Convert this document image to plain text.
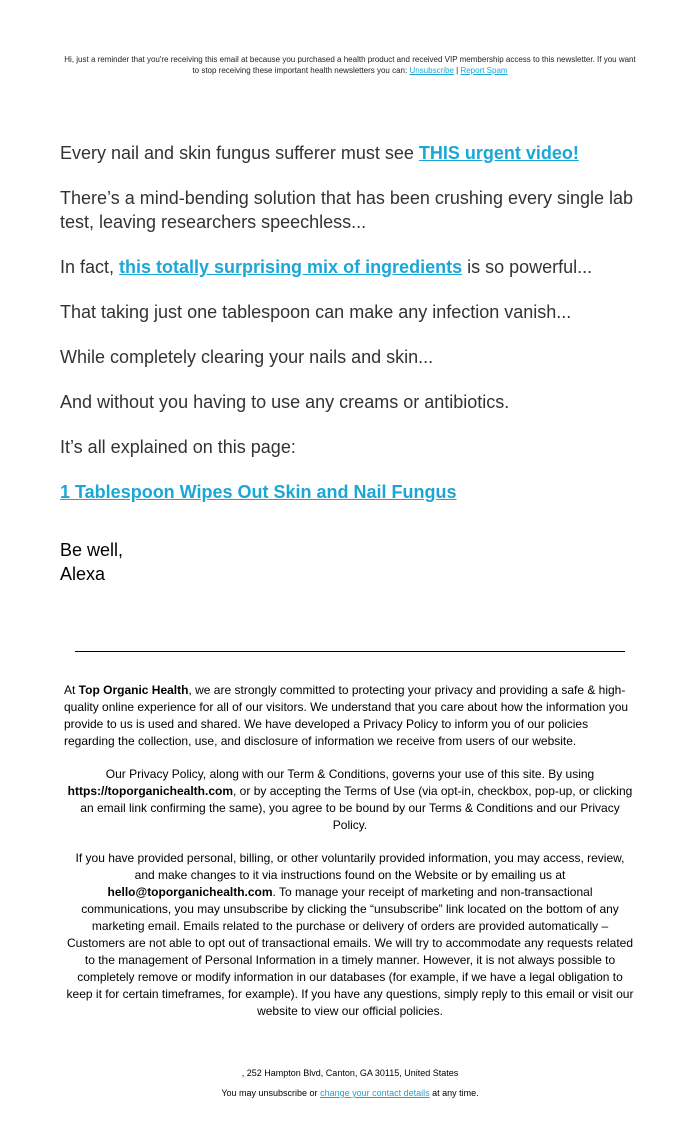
Hi, just a reminder that you're receiving this email at because you purchased a health product and received VIP membership access to this newsletter. If you want to stop receiving these important health newsletters you can: Unsubscribe | Report Spam

Every nail and skin fungus sufferer must see THIS urgent video!

There’s a mind-bending solution that has been crushing every single lab test, leaving researchers speechless...

In fact, this totally surprising mix of ingredients is so powerful...

That taking just one tablespoon can make any infection vanish...

While completely clearing your nails and skin...

And without you having to use any creams or antibiotics.

It’s all explained on this page:

1 Tablespoon Wipes Out Skin and Nail Fungus

Be well,
Alexa

At Top Organic Health, we are strongly committed to protecting your privacy and providing a safe & high-quality online experience for all of our visitors. We understand that you care about how the information you provide to us is used and shared. We have developed a Privacy Policy to inform you of our policies regarding the collection, use, and disclosure of information we receive from users of our website.

Our Privacy Policy, along with our Term & Conditions, governs your use of this site. By using https://toporganichealth.com, or by accepting the Terms of Use (via opt-in, checkbox, pop-up, or clicking an email link confirming the same), you agree to be bound by our Terms & Conditions and our Privacy Policy.

If you have provided personal, billing, or other voluntarily provided information, you may access, review, and make changes to it via instructions found on the Website or by emailing us at hello@toporganichealth.com. To manage your receipt of marketing and non-transactional communications, you may unsubscribe by clicking the “unsubscribe” link located on the bottom of any marketing email. Emails related to the purchase or delivery of orders are provided automatically – Customers are not able to opt out of transactional emails. We will try to accommodate any requests related to the management of Personal Information in a timely manner. However, it is not always possible to completely remove or modify information in our databases (for example, if we have a legal obligation to keep it for certain timeframes, for example). If you have any questions, simply reply to this email or visit our website to view our official policies.

, 252 Hampton Blvd, Canton, GA 30115, United States
You may unsubscribe or change your contact details at any time.
